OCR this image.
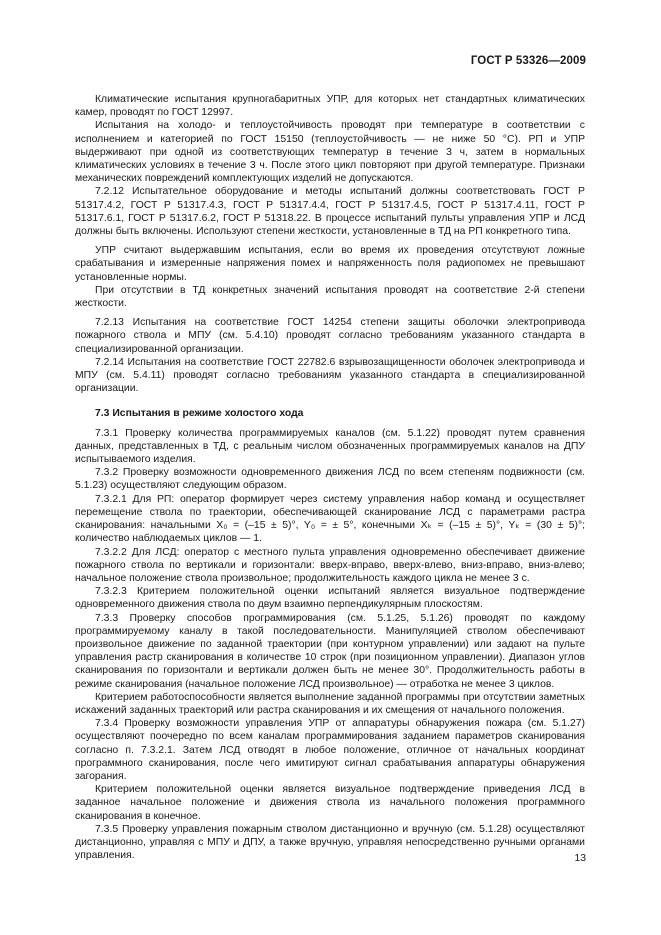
ГОСТ Р 53326—2009

Климатические испытания крупногабаритных УПР, для которых нет стандартных климатических камер, проводят по ГОСТ 12997.

Испытания на холодо- и теплоустойчивость проводят при температуре в соответствии с исполнением и категорией по ГОСТ 15150 (теплоустойчивость — не ниже 50 °С). РП и УПР выдерживают при одной из соответствующих температур в течение 3 ч, затем в нормальных климатических условиях в течение 3 ч. После этого цикл повторяют при другой температуре. Признаки механических повреждений комплектующих изделий не допускаются.

7.2.12 Испытательное оборудование и методы испытаний должны соответствовать ГОСТ Р 51317.4.2, ГОСТ Р 51317.4.3, ГОСТ Р 51317.4.4, ГОСТ Р 51317.4.5, ГОСТ Р 51317.4.11, ГОСТ Р 51317.6.1, ГОСТ Р 51317.6.2, ГОСТ Р 51318.22. В процессе испытаний пульты управления УПР и ЛСД должны быть включены. Используют степени жесткости, установленные в ТД на РП конкретного типа.

УПР считают выдержавшим испытания, если во время их проведения отсутствуют ложные срабатывания и измеренные напряжения помех и напряженность поля радиопомех не превышают установленные нормы.

При отсутствии в ТД конкретных значений испытания проводят на соответствие 2-й степени жесткости.

7.2.13 Испытания на соответствие ГОСТ 14254 степени защиты оболочки электропривода пожарного ствола и МПУ (см. 5.4.10) проводят согласно требованиям указанного стандарта в специализированной организации.

7.2.14 Испытания на соответствие ГОСТ 22782.6 взрывозащищенности оболочек электропривода и МПУ (см. 5.4.11) проводят согласно требованиям указанного стандарта в специализированной организации.

7.3 Испытания в режиме холостого хода

7.3.1 Проверку количества программируемых каналов (см. 5.1.22) проводят путем сравнения данных, представленных в ТД, с реальным числом обозначенных программируемых каналов на ДПУ испытываемого изделия.

7.3.2 Проверку возможности одновременного движения ЛСД по всем степеням подвижности (см. 5.1.23) осуществляют следующим образом.

7.3.2.1 Для РП: оператор формирует через систему управления набор команд и осуществляет перемещение ствола по траектории, обеспечивающей сканирование ЛСД с параметрами растра сканирования: начальными X₀ = (–15 ± 5)°, Y₀ = ± 5°, конечными Xₖ = (–15 ± 5)°, Yₖ = (30 ± 5)°; количество наблюдаемых циклов — 1.

7.3.2.2 Для ЛСД: оператор с местного пульта управления одновременно обеспечивает движение пожарного ствола по вертикали и горизонтали: вверх-вправо, вверх-влево, вниз-вправо, вниз-влево; начальное положение ствола произвольное; продолжительность каждого цикла не менее 3 с.

7.3.2.3 Критерием положительной оценки испытаний является визуальное подтверждение одновременного движения ствола по двум взаимно перпендикулярным плоскостям.

7.3.3 Проверку способов программирования (см. 5.1.25, 5.1.26) проводят по каждому программируемому каналу в такой последовательности. Манипуляцией стволом обеспечивают произвольное движение по заданной траектории (при контурном управлении) или задают на пульте управления растр сканирования в количестве 10 строк (при позиционном управлении). Диапазон углов сканирования по горизонтали и вертикали должен быть не менее 30°. Продолжительность работы в режиме сканирования (начальное положение ЛСД произвольное) — отработка не менее 3 циклов.

Критерием работоспособности является выполнение заданной программы при отсутствии заметных искажений заданных траекторий или растра сканирования и их смещения от начального положения.

7.3.4 Проверку возможности управления УПР от аппаратуры обнаружения пожара (см. 5.1.27) осуществляют поочередно по всем каналам программирования заданием параметров сканирования согласно п. 7.3.2.1. Затем ЛСД отводят в любое положение, отличное от начальных координат программного сканирования, после чего имитируют сигнал срабатывания аппаратуры обнаружения загорания.

Критерием положительной оценки является визуальное подтверждение приведения ЛСД в заданное начальное положение и движения ствола из начального положения программного сканирования в конечное.

7.3.5 Проверку управления пожарным стволом дистанционно и вручную (см. 5.1.28) осуществляют дистанционно, управляя с МПУ и ДПУ, а также вручную, управляя непосредственно ручными органами управления.	13
